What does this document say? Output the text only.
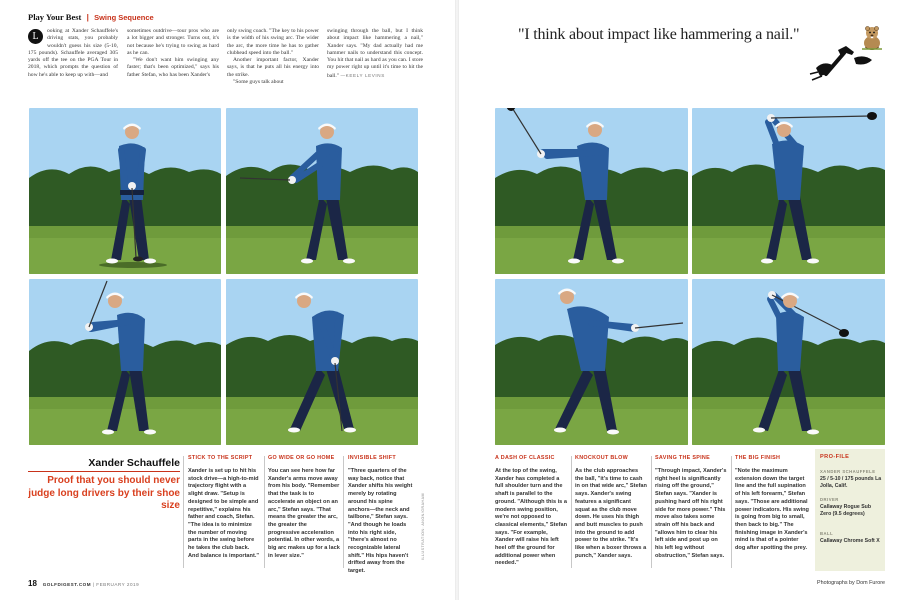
Play Your Best | Swing Sequence
L	ooking at Xander Schauffele's driving stats, you probably wouldn't guess his size (5-10, 175 pounds). Schauffele averaged 305 yards off the tee on the PGA Tour in 2018, which prompts the question of how he's able to keep up with—and

sometimes outdrive—tour pros who are a lot bigger and stronger. Turns out, it's not because he's trying to swing as hard as he can.

"We don't want him swinging any faster; that's been optimized," says his father Stefan, who has been Xander's

only swing coach. "The key to his power is the width of his swing arc. The wider the arc, the more time he has to gather clubhead speed into the ball."

Another important factor, Xander says, is that he puts all his energy into the strike.

"Some guys talk about

swinging through the ball, but I think about impact like hammering a nail," Xander says. "My dad actually had me hammer nails to understand this concept. You hit that nail as hard as you can. I store my power right up until it's time to hit the ball." —KEELY LEVINS

"I think about impact like hammering a nail."
Xander Schauffele
Proof that you should never judge long drivers by their shoe size
STICK TO THE SCRIPT
Xander is set up to hit his stock drive—a high-to-mid trajectory flight with a slight draw. "Setup is designed to be simple and repetitive," explains his father and coach, Stefan. "The idea is to minimize the number of moving parts in the swing before he takes the club back. And balance is important."
GO WIDE OR GO HOME
You can see here how far Xander's arms move away from his body. "Remember that the task is to accelerate an object on an arc," Stefan says. "That means the greater the arc, the greater the progressive acceleration potential. In other words, a big arc makes up for a lack in lever size."
INVISIBLE SHIFT
"Three quarters of the way back, notice that Xander shifts his weight merely by rotating around his spine anchors—the neck and tailbone," Stefan says. "And though he loads into his right side, "there's almost no recognizable lateral shift." His hips haven't drifted away from the target.
ILLUSTRATION: ANON/GRAHAM
A DASH OF CLASSIC
At the top of the swing, Xander has completed a full shoulder turn and the shaft is parallel to the ground. "Although this is a modern swing position, we're not opposed to classical elements," Stefan says. "For example, Xander will raise his left heel off the ground for additional power when needed."
KNOCKOUT BLOW
As the club approaches the ball, "it's time to cash in on that wide arc," Stefan says. Xander's swing features a significant squat as the club move down. He uses his thigh and butt muscles to push into the ground to add power to the strike. "It's like when a boxer throws a punch," Xander says.
SAVING THE SPINE
"Through impact, Xander's right heel is significantly rising off the ground," Stefan says. "Xander is pushing hard off his right side for more power." This move also takes some strain off his back and "allows him to clear his left side and post up on his left leg without obstruction," Stefan says.
THE BIG FINISH
"Note the maximum extension down the target line and the full supination of his left forearm," Stefan says. "Those are additional power indicators. His swing is going from big to small, then back to big." The finishing image in Xander's mind is that of a pointer dog after spotting the prey.
PRO-FILE
XANDER SCHAUFFELE
25 / 5-10 / 175 pounds La Jolla, Calif.
DRIVER
Callaway Rogue Sub Zero (9.5 degrees)
BALL
Callaway Chrome Soft X
18 GOLFDIGEST.COM | FEBRUARY 2019	Photographs by Dom Furore
